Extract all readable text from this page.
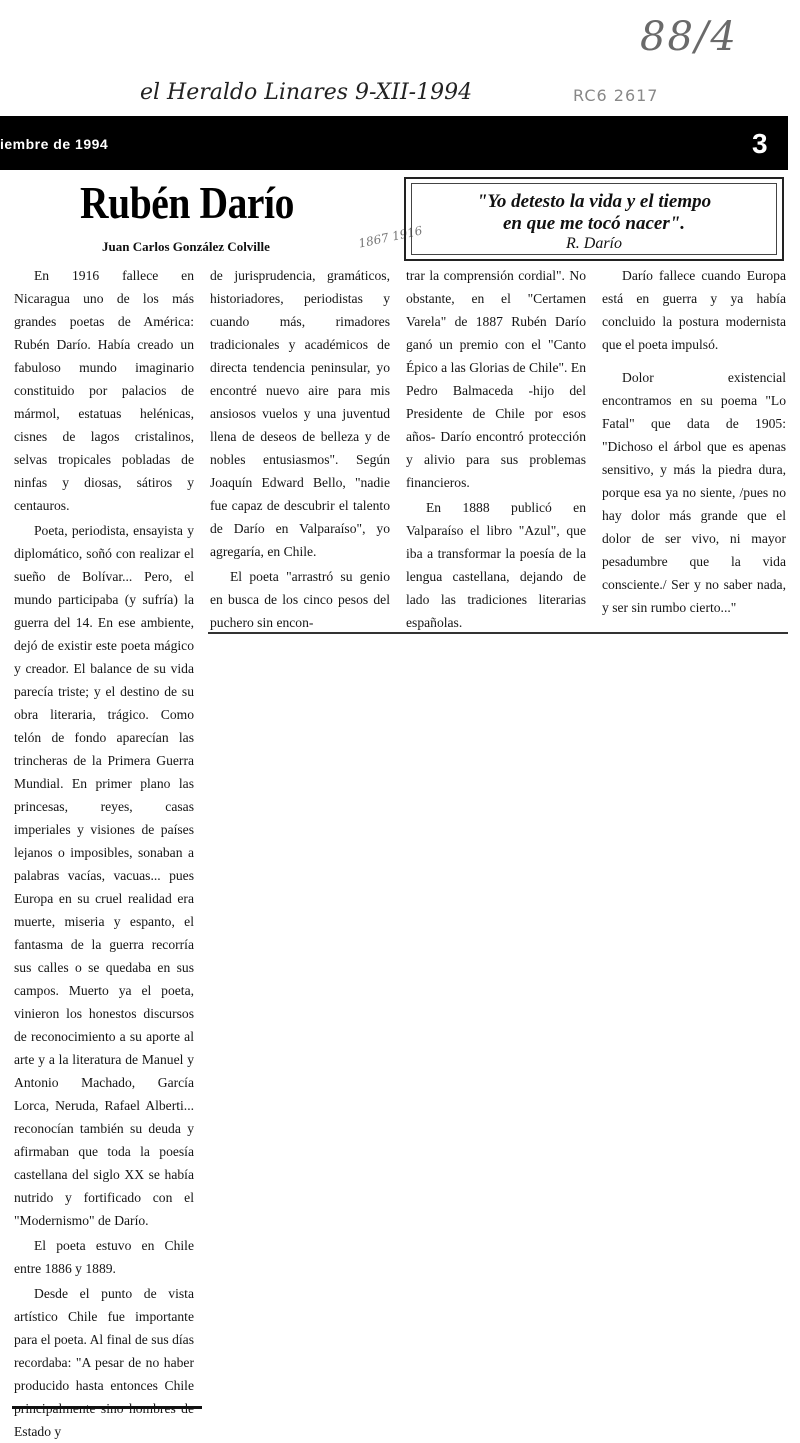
88/4
el Heraldo Linares 9-XII-1994	RC6 2617
iembre de 1994	3
Rubén Darío
Juan Carlos González Colville	1867 1916
"Yo detesto la vida y el tiempo
en que me tocó nacer".
R. Darío

En 1916 fallece en Nicaragua uno de los más grandes poetas de América: Rubén Darío. Había creado un fabuloso mundo imaginario constituido por palacios de mármol, estatuas helénicas, cisnes de lagos cristalinos, selvas tropicales pobladas de ninfas y diosas, sátiros y centauros.

Poeta, periodista, ensayista y diplomático, soñó con realizar el sueño de Bolívar... Pero, el mundo participaba (y sufría) la guerra del 14. En ese ambiente, dejó de existir este poeta mágico y creador. El balance de su vida parecía triste; y el destino de su obra literaria, trágico. Como telón de fondo aparecían las trincheras de la Primera Guerra Mundial. En primer plano las princesas, reyes, casas imperiales y visiones de países lejanos o imposibles, sonaban a palabras vacías, vacuas... pues Europa en su cruel realidad era muerte, miseria y espanto, el fantasma de la guerra recorría sus calles o se quedaba en sus campos. Muerto ya el poeta, vinieron los honestos discursos de reconocimiento a su aporte al arte y a la literatura de Manuel y Antonio Machado, García Lorca, Neruda, Rafael Alberti... reconocían también su deuda y afirmaban que toda la poesía castellana del siglo XX se había nutrido y fortificado con el "Modernismo" de Darío.

El poeta estuvo en Chile entre 1886 y 1889.

Desde el punto de vista artístico Chile fue importante para el poeta. Al final de sus días recordaba: "A pesar de no haber producido hasta entonces Chile Estado y

de jurisprudencia, gramáticos, historiadores, periodistas y cuando más, rimadores tradicionales y académicos de directa tendencia peninsular, yo encontré nuevo aire para mis ansiosos vuelos y una juventud llena de deseos de belleza y de nobles entusiasmos". Según Joaquín Edward Bello, "nadie fue capaz de descubrir el talento de Darío en Valparaíso", yo agregaría, en Chile.

El poeta "arrastró su genio en busca de los cinco pesos del puchero sin encon-

trar la comprensión cordial". No obstante, en el "Certamen Varela" de 1887 Rubén Darío ganó un premio con el "Canto Épico a las Glorias de Chile". En Pedro Balmaceda -hijo del Presidente de Chile por esos años- Darío encontró protección y alivio para sus problemas financieros.

En 1888 publicó en Valparaíso el libro "Azul", que iba a transformar la poesía de la lengua castellana, dejando de lado las tradiciones literarias españolas.

Darío fallece cuando Europa está en guerra y ya había concluido la postura modernista que el poeta impulsó.

Dolor existencial encontramos en su poema "Lo Fatal" que data de 1905: "Dichoso el árbol que es apenas sensitivo, y más la piedra dura, porque esa ya no siente, /pues no hay dolor más grande que el dolor de ser vivo, ni mayor pesadumbre que la vida consciente./ Ser y no saber nada, y ser sin rumbo cierto..."
